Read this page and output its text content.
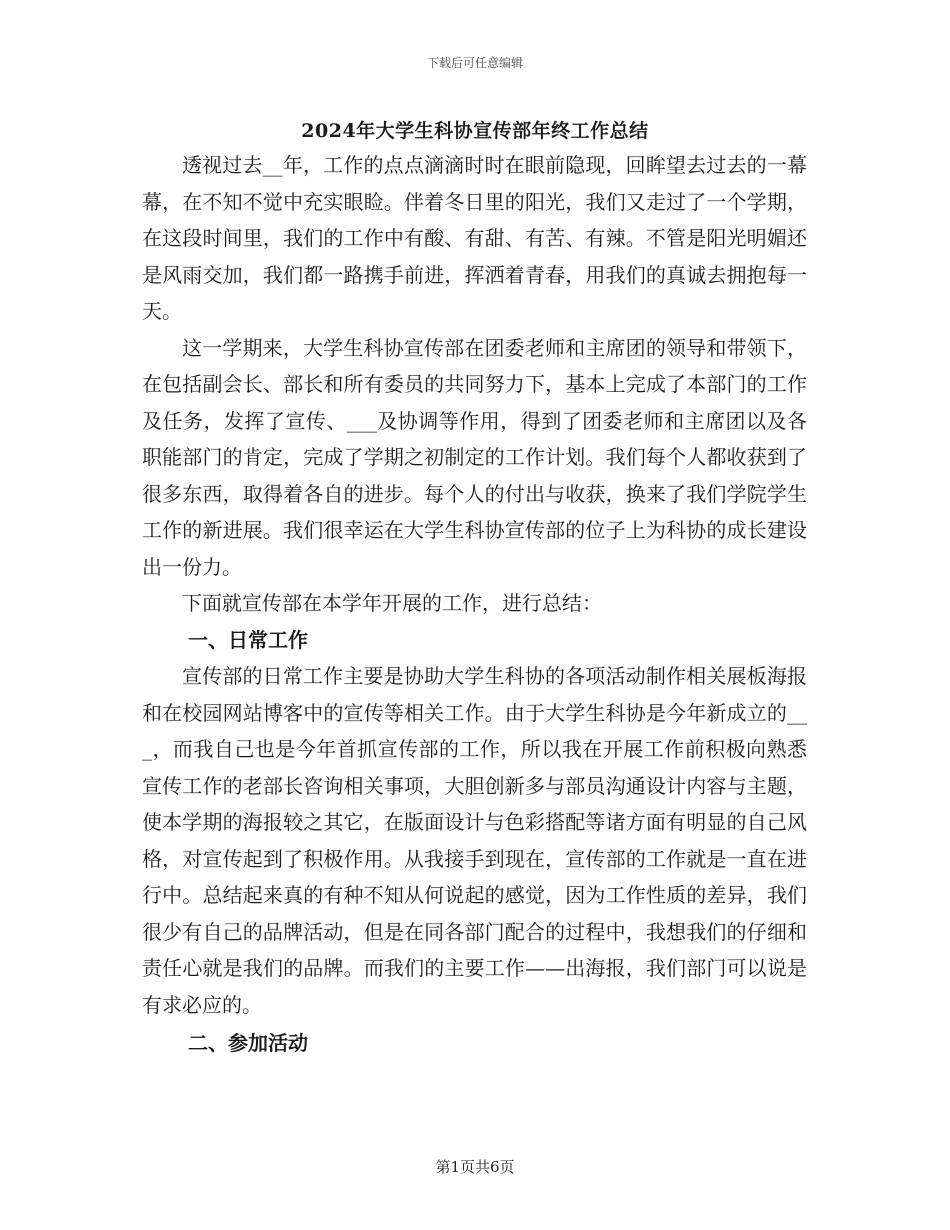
下载后可任意编辑
2024年大学生科协宣传部年终工作总结

透视过去__年，工作的点点滴滴时时在眼前隐现，回眸望去过去的一幕幕，在不知不觉中充实眼睑。伴着冬日里的阳光，我们又走过了一个学期，在这段时间里，我们的工作中有酸、有甜、有苦、有辣。不管是阳光明媚还是风雨交加，我们都一路携手前进，挥洒着青春，用我们的真诚去拥抱每一天。

这一学期来，大学生科协宣传部在团委老师和主席团的领导和带领下，在包括副会长、部长和所有委员的共同努力下，基本上完成了本部门的工作及任务，发挥了宣传、___及协调等作用，得到了团委老师和主席团以及各职能部门的肯定，完成了学期之初制定的工作计划。我们每个人都收获到了很多东西，取得着各自的进步。每个人的付出与收获，换来了我们学院学生工作的新进展。我们很幸运在大学生科协宣传部的位子上为科协的成长建设出一份力。

下面就宣传部在本学年开展的工作，进行总结：

一、日常工作

宣传部的日常工作主要是协助大学生科协的各项活动制作相关展板海报和在校园网站博客中的宣传等相关工作。由于大学生科协是今年新成立的___，而我自己也是今年首抓宣传部的工作，所以我在开展工作前积极向熟悉宣传工作的老部长咨询相关事项，大胆创新多与部员沟通设计内容与主题，使本学期的海报较之其它，在版面设计与色彩搭配等诸方面有明显的自己风格，对宣传起到了积极作用。从我接手到现在，宣传部的工作就是一直在进行中。总结起来真的有种不知从何说起的感觉，因为工作性质的差异，我们很少有自己的品牌活动，但是在同各部门配合的过程中，我想我们的仔细和责任心就是我们的品牌。而我们的主要工作——出海报，我们部门可以说是有求必应的。

二、参加活动

第1页共6页
